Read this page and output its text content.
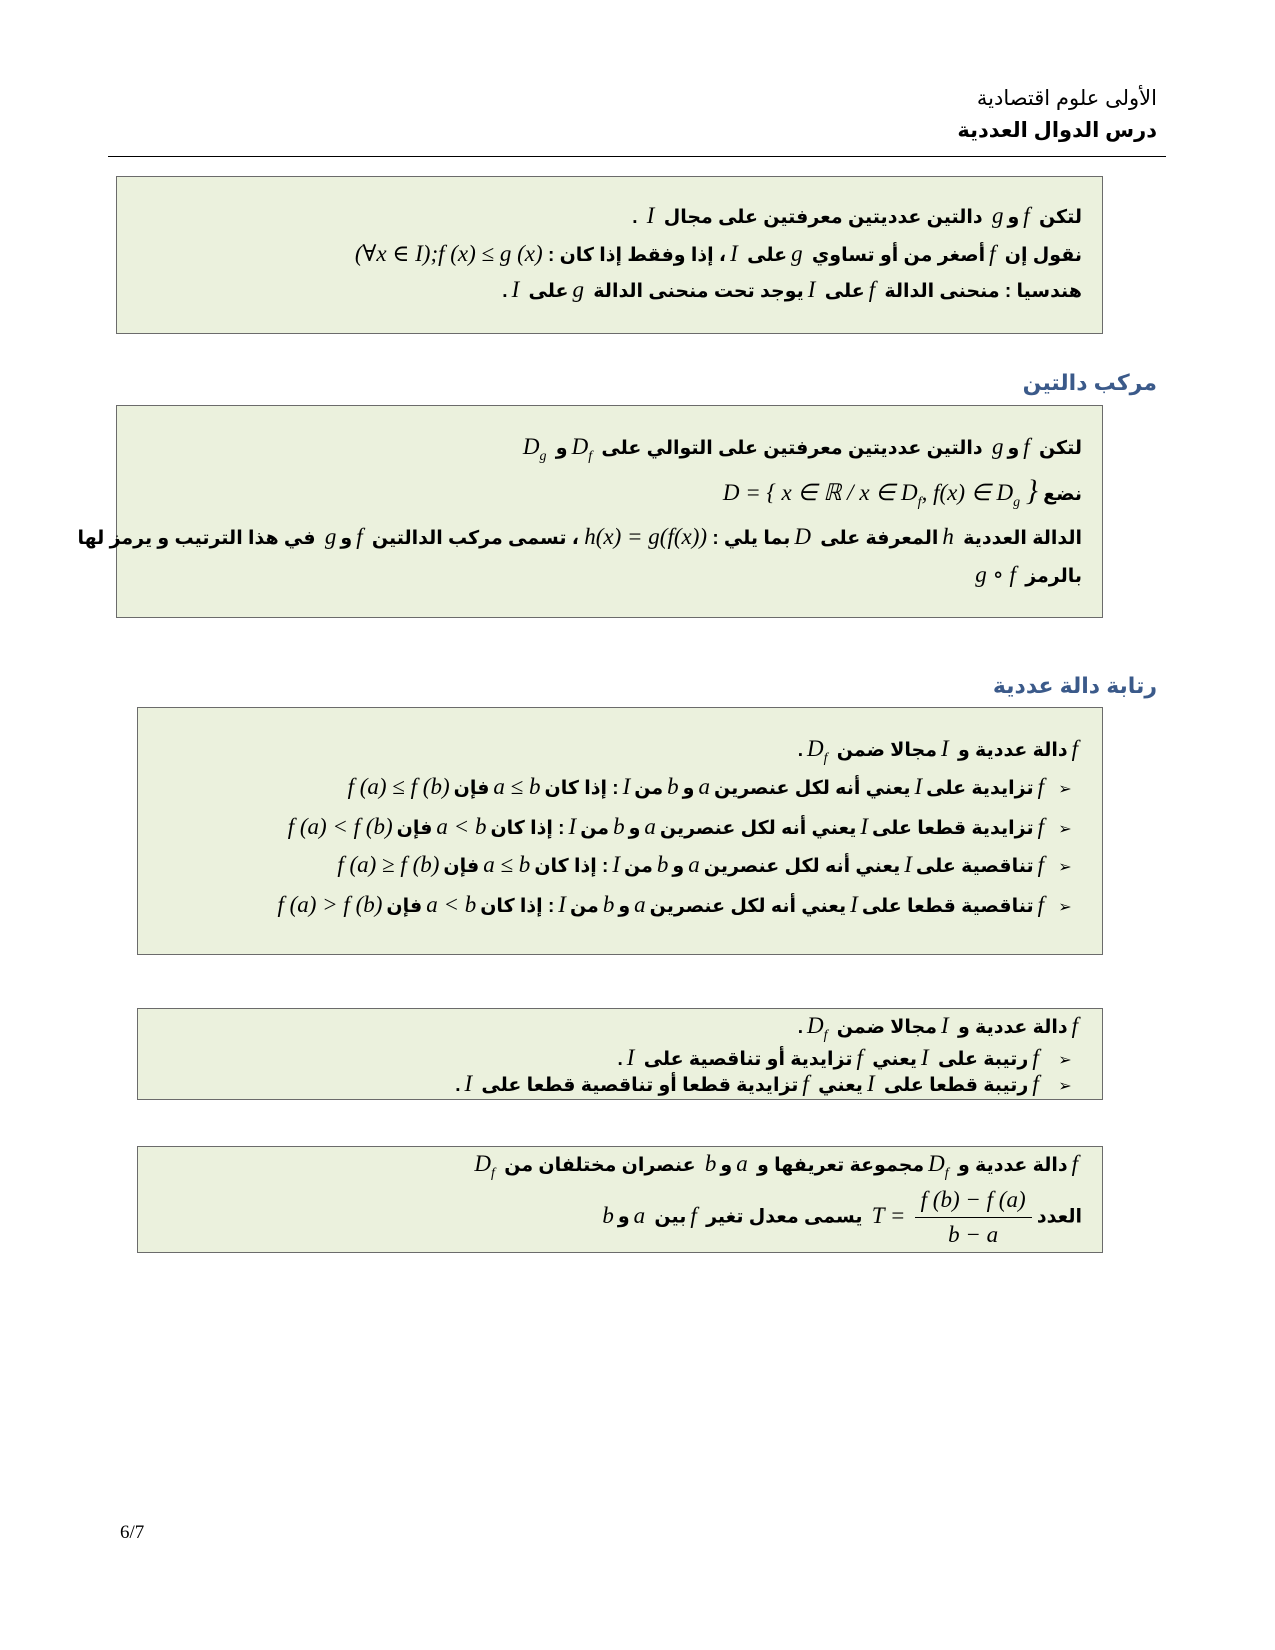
الأولى علوم اقتصادية
درس الدوال العددية
لتكن fوg دالتين عدديتين معرفتين على مجال I .
نقول إن fأصغر من أو تساوي gعلى I، إذا وفقط إذا كان : (∀x ∈ I);f (x) ≤ g (x)
هندسيا : منحنى الدالة fعلى Iيوجد تحت منحنى الدالة gعلى I.
مركب دالتين
لتكن fوg دالتين عدديتين معرفتين على التوالي على $D_fو$ $D_g$
نضع D = { x ∈ ℝ / x ∈ $D_f$, f(x) ∈ $D_g$ }
الدالة العددية hالمعرفة على Dبما يلي : h(x) = g(f(x)) ، تسمى مركب الدالتين fوg في هذا الترتيب و يرمز لها
بالرمز g ∘ f
رتابة دالة عددية
fدالة عددية و Iمجالا ضمن $D_f$.
➢fتزايدية علىIيعني أنه لكل عنصرينaوbمنI: إذا كانa ≤ bفإنf (a) ≤ f (b)
➢fتزايدية قطعا علىIيعني أنه لكل عنصرينaوbمنI: إذا كانa < bفإنf (a) < f (b)
➢fتناقصية علىIيعني أنه لكل عنصرينaوbمنI: إذا كانa ≤ bفإنf (a) ≥ f (b)
➢fتناقصية قطعا علىIيعني أنه لكل عنصرينaوbمنI: إذا كانa < bفإنf (a) > f (b)
fدالة عددية و Iمجالا ضمن $D_f$.
➢ fرتيبة على Iيعني fتزايدية أو تناقصية على I.
➢ fرتيبة قطعا على Iيعني fتزايدية قطعا أو تناقصية قطعا على I.
fدالة عددية و $D_fمجموعة$ تعريفها و aوb عنصران مختلفان من $D_f$
العدد
$\frac{f (b) - f (a)}{b - a}$
T = يسمى معدل تغير fبين aوb
6/7
